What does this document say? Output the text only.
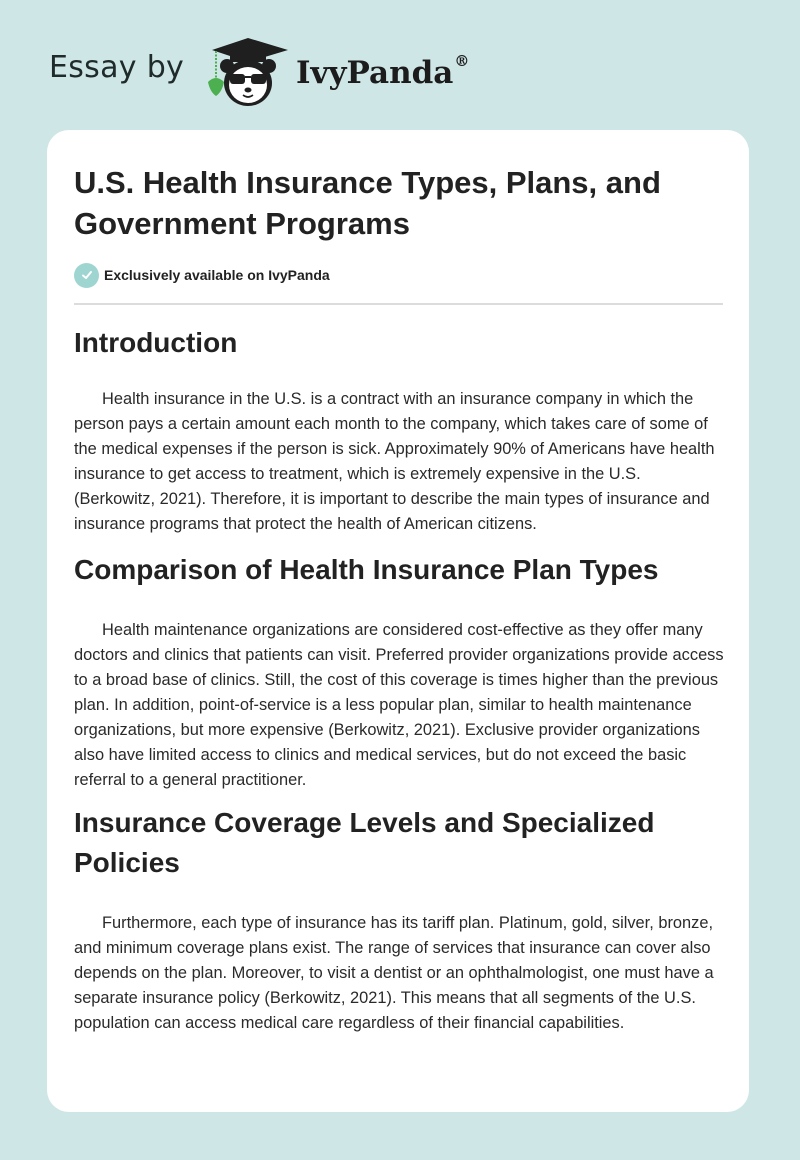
Essay by	IvyPanda®
U.S. Health Insurance Types, Plans, and Government Programs
Exclusively available on IvyPanda
Introduction

Health insurance in the U.S. is a contract with an insurance company in which the person pays a certain amount each month to the company, which takes care of some of the medical expenses if the person is sick. Approximately 90% of Americans have health insurance to get access to treatment, which is extremely expensive in the U.S. (Berkowitz, 2021). Therefore, it is important to describe the main types of insurance and insurance programs that protect the health of American citizens.

Comparison of Health Insurance Plan Types

Health maintenance organizations are considered cost-effective as they offer many doctors and clinics that patients can visit. Preferred provider organizations provide access to a broad base of clinics. Still, the cost of this coverage is times higher than the previous plan. In addition, point-of-service is a less popular plan, similar to health maintenance organizations, but more expensive (Berkowitz, 2021). Exclusive provider organizations also have limited access to clinics and medical services, but do not exceed the basic referral to a general practitioner.

Insurance Coverage Levels and Specialized Policies

Furthermore, each type of insurance has its tariff plan. Platinum, gold, silver, bronze, and minimum coverage plans exist. The range of services that insurance can cover also depends on the plan. Moreover, to visit a dentist or an ophthalmologist, one must have a separate insurance policy (Berkowitz, 2021). This means that all segments of the U.S. population can access medical care regardless of their financial capabilities.
